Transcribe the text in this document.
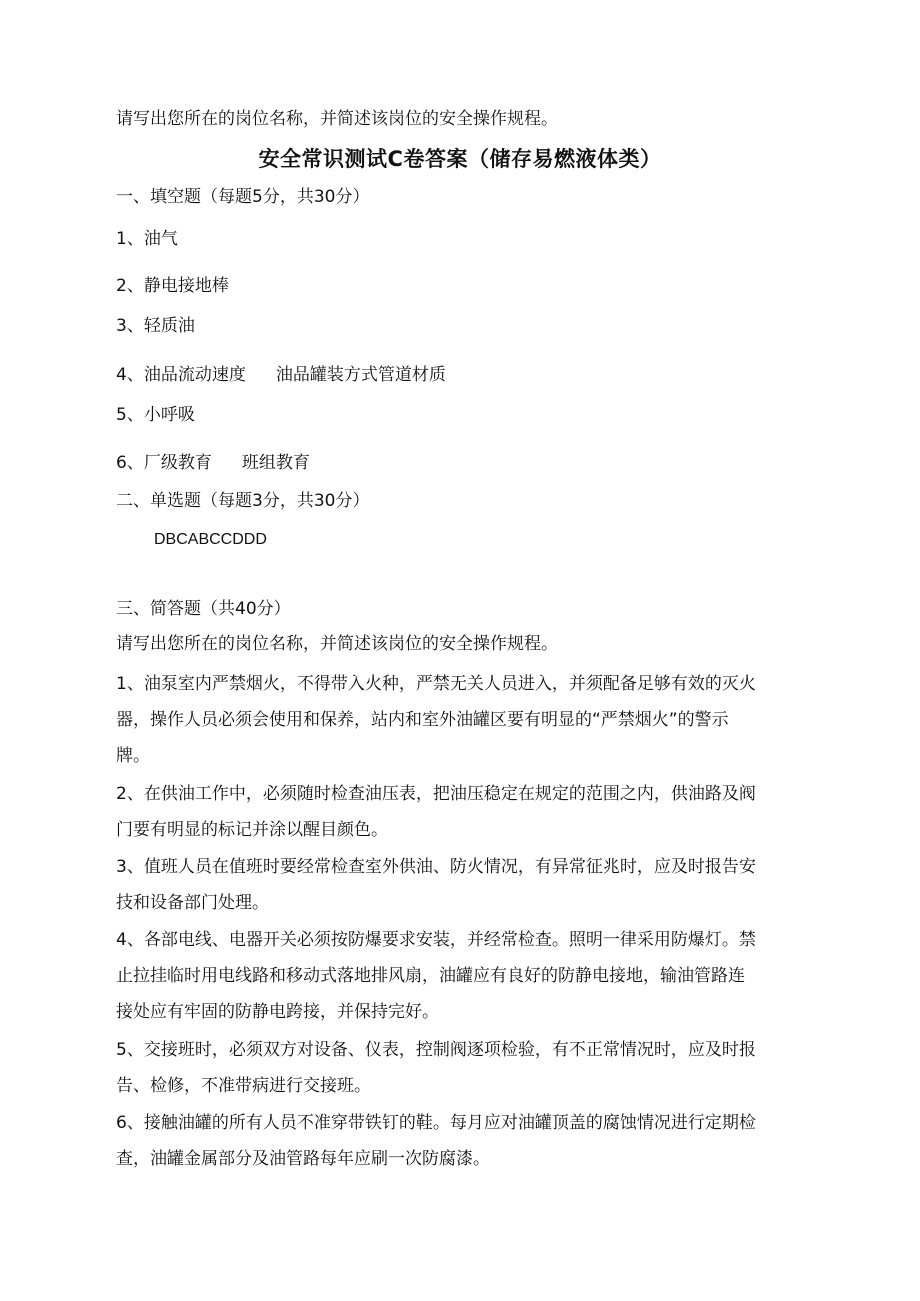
请写出您所在的岗位名称，并简述该岗位的安全操作规程。
安全常识测试C卷答案（储存易燃液体类）
一、填空题（每题5分，共30分）
1、油气
2、静电接地棒
3、轻质油
4、油品流动速度 油品罐装方式管道材质
5、小呼吸
6、厂级教育 班组教育
二、单选题（每题3分，共30分）
DBCABCCDDD
三、简答题（共40分）
请写出您所在的岗位名称，并简述该岗位的安全操作规程。
1、油泵室内严禁烟火，不得带入火种，严禁无关人员进入，并须配备足够有效的灭火
器，操作人员必须会使用和保养，站内和室外油罐区要有明显的“严禁烟火”的警示
牌。
2、在供油工作中，必须随时检查油压表，把油压稳定在规定的范围之内，供油路及阀
门要有明显的标记并涂以醒目颜色。
3、值班人员在值班时要经常检查室外供油、防火情况，有异常征兆时，应及时报告安
技和设备部门处理。
4、各部电线、电器开关必须按防爆要求安装，并经常检查。照明一律采用防爆灯。禁
止拉挂临时用电线路和移动式落地排风扇，油罐应有良好的防静电接地，输油管路连
接处应有牢固的防静电跨接，并保持完好。
5、交接班时，必须双方对设备、仪表，控制阀逐项检验，有不正常情况时，应及时报
告、检修，不准带病进行交接班。
6、接触油罐的所有人员不准穿带铁钉的鞋。每月应对油罐顶盖的腐蚀情况进行定期检
查，油罐金属部分及油管路每年应刷一次防腐漆。
